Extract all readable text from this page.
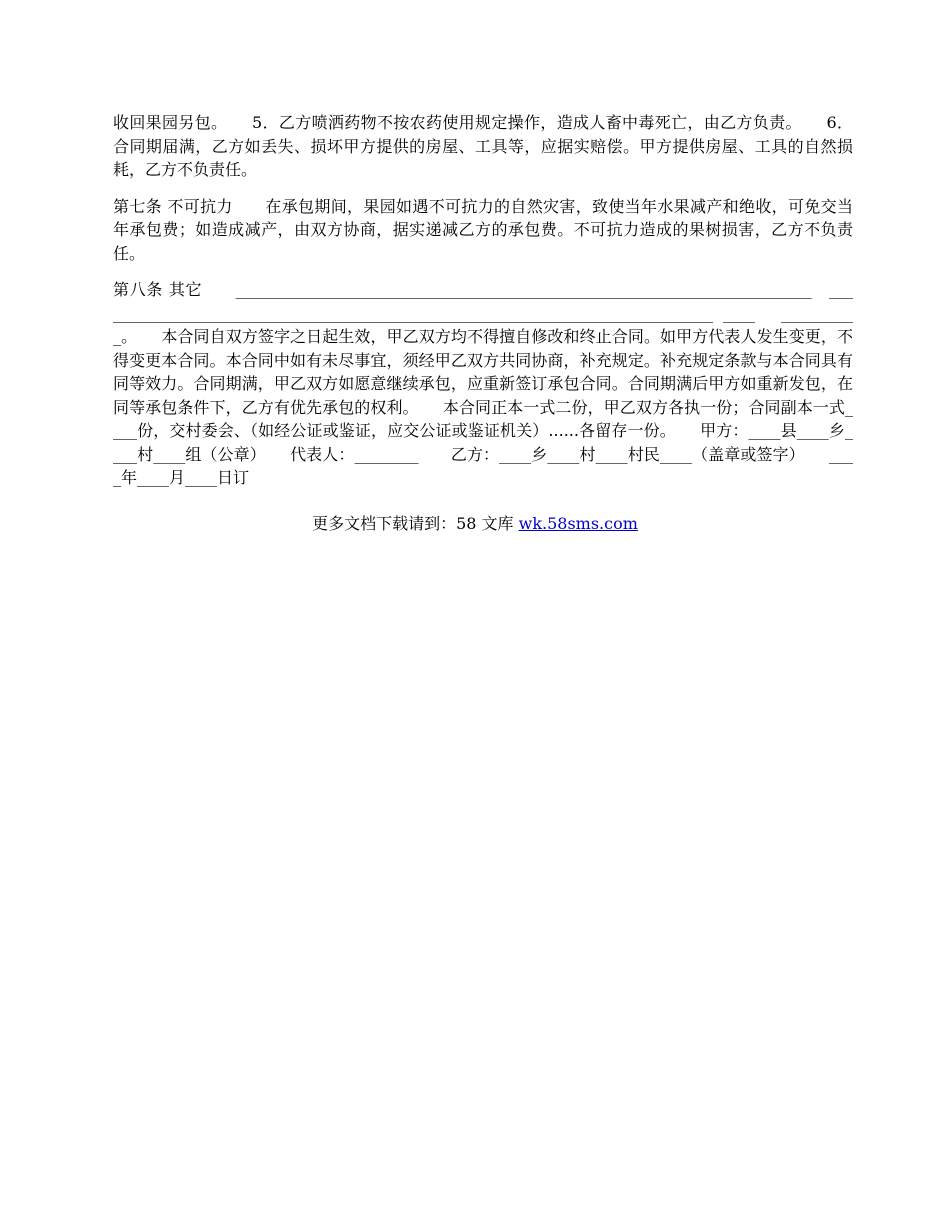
收回果园另包。　　5．乙方喷洒药物不按农药使用规定操作，造成人畜中毒死亡，由乙方负责。　　6．合同期届满，乙方如丢失、损坏甲方提供的房屋、工具等，应据实赔偿。甲方提供房屋、工具的自然损耗，乙方不负责任。

第七条 不可抗力　　在承包期间，果园如遇不可抗力的自然灾害，致使当年水果减产和绝收，可免交当年承包费；如造成减产，由双方协商，据实递减乙方的承包费。不可抗力造成的果树损害，乙方不负责任。

第八条 其它　　________________________________________________________________________　______________________________________________________________________________ ____　__________。　　本合同自双方签字之日起生效，甲乙双方均不得擅自修改和终止合同。如甲方代表人发生变更，不得变更本合同。本合同中如有未尽事宜，须经甲乙双方共同协商，补充规定。补充规定条款与本合同具有同等效力。合同期满，甲乙双方如愿意继续承包，应重新签订承包合同。合同期满后甲方如重新发包，在同等承包条件下，乙方有优先承包的权利。　　本合同正本一式二份，甲乙双方各执一份；合同副本一式____份，交村委会、（如经公证或鉴证，应交公证或鉴证机关）......各留存一份。　　甲方：____县____乡____村____组（公章）　　代表人：________　　乙方：____乡____村____村民____（盖章或签字）　　____年____月____日订

更多文档下载请到：58 文库 wk.58sms.com
